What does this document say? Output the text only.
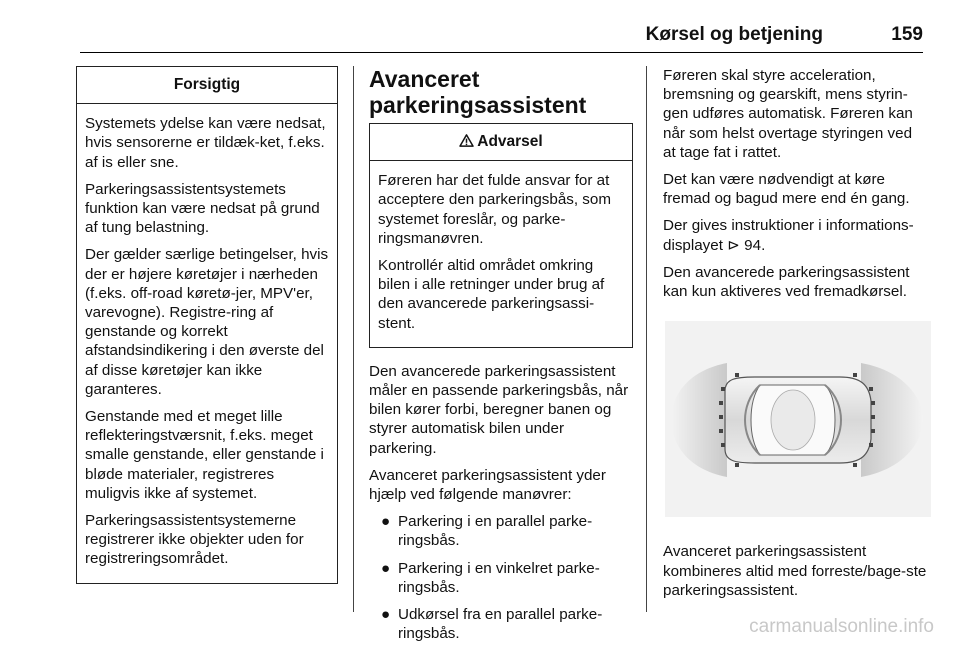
Kørsel og betjening	159
Forsigtig

Systemets ydelse kan være nedsat, hvis sensorerne er tildæk-ket, f.eks. af is eller sne.

Parkeringsassistentsystemets funktion kan være nedsat på grund af tung belastning.

Der gælder særlige betingelser, hvis der er højere køretøjer i nærheden (f.eks. off-road køretø-jer, MPV'er, varevogne). Registre-ring af genstande og korrekt afstandsindikering i den øverste del af disse køretøjer kan ikke garanteres.

Genstande med et meget lille reflekteringstværsnit, f.eks. meget smalle genstande, eller genstande i bløde materialer, registreres muligvis ikke af systemet.

Parkeringsassistentsystemerne registrerer ikke objekter uden for registreringsområdet.

Avanceret
parkeringsassistent
Advarsel

Føreren har det fulde ansvar for at acceptere den parkeringsbås, som systemet foreslår, og parke-ringsmanøvren.

Kontrollér altid området omkring bilen i alle retninger under brug af den avancerede parkeringsassi-stent.

Den avancerede parkeringsassistent måler en passende parkeringsbås, når bilen kører forbi, beregner banen og styrer automatisk bilen under parkering.

Avanceret parkeringsassistent yder hjælp ved følgende manøvrer:

● Parkering i en parallel parke-ringsbås.
● Parkering i en vinkelret parke-ringsbås.
● Udkørsel fra en parallel parke-ringsbås.

Føreren skal styre acceleration, bremsning og gearskift, mens styrin-gen udføres automatisk. Føreren kan når som helst overtage styringen ved at tage fat i rattet.

Det kan være nødvendigt at køre fremad og bagud mere end én gang.

Der gives instruktioner i informations-displayet ⊳ 94.

Den avancerede parkeringsassistent kan kun aktiveres ved fremadkørsel.

Avanceret parkeringsassistent kombineres altid med forreste/bage-ste parkeringsassistent.

carmanualsonline.info
